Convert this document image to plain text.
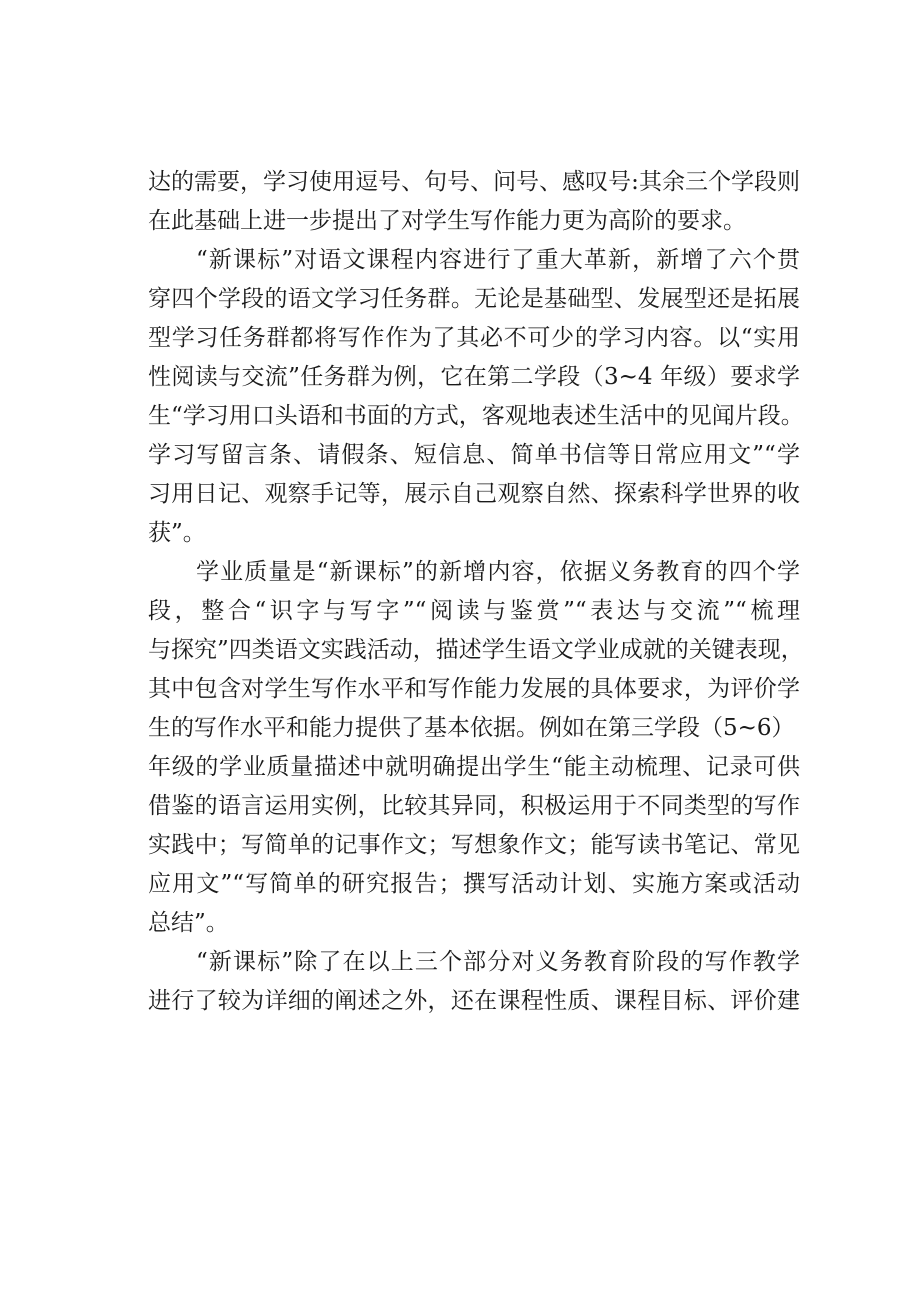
达的需要，学习使用逗号、句号、问号、感叹号:其余三个学段则
在此基础上进一步提出了对学生写作能力更为高阶的要求。
“新课标”对语文课程内容进行了重大革新，新增了六个贯
穿四个学段的语文学习任务群。无论是基础型、发展型还是拓展
型学习任务群都将写作作为了其必不可少的学习内容。以“实用
性阅读与交流”任务群为例，它在第二学段（3~4 年级）要求学
生“学习用口头语和书面的方式，客观地表述生活中的见闻片段。
学习写留言条、请假条、短信息、简单书信等日常应用文”“学
习用日记、观察手记等，展示自己观察自然、探索科学世界的收
获”。
学业质量是“新课标”的新增内容，依据义务教育的四个学
段，整合“识字与写字”“阅读与鉴赏”“表达与交流”“梳理
与探究”四类语文实践活动，描述学生语文学业成就的关键表现，
其中包含对学生写作水平和写作能力发展的具体要求，为评价学
生的写作水平和能力提供了基本依据。例如在第三学段（5~6）
年级的学业质量描述中就明确提出学生“能主动梳理、记录可供
借鉴的语言运用实例，比较其异同，积极运用于不同类型的写作
实践中；写简单的记事作文；写想象作文；能写读书笔记、常见
应用文”“写简单的研究报告；撰写活动计划、实施方案或活动
总结”。
“新课标”除了在以上三个部分对义务教育阶段的写作教学
进行了较为详细的阐述之外，还在课程性质、课程目标、评价建
